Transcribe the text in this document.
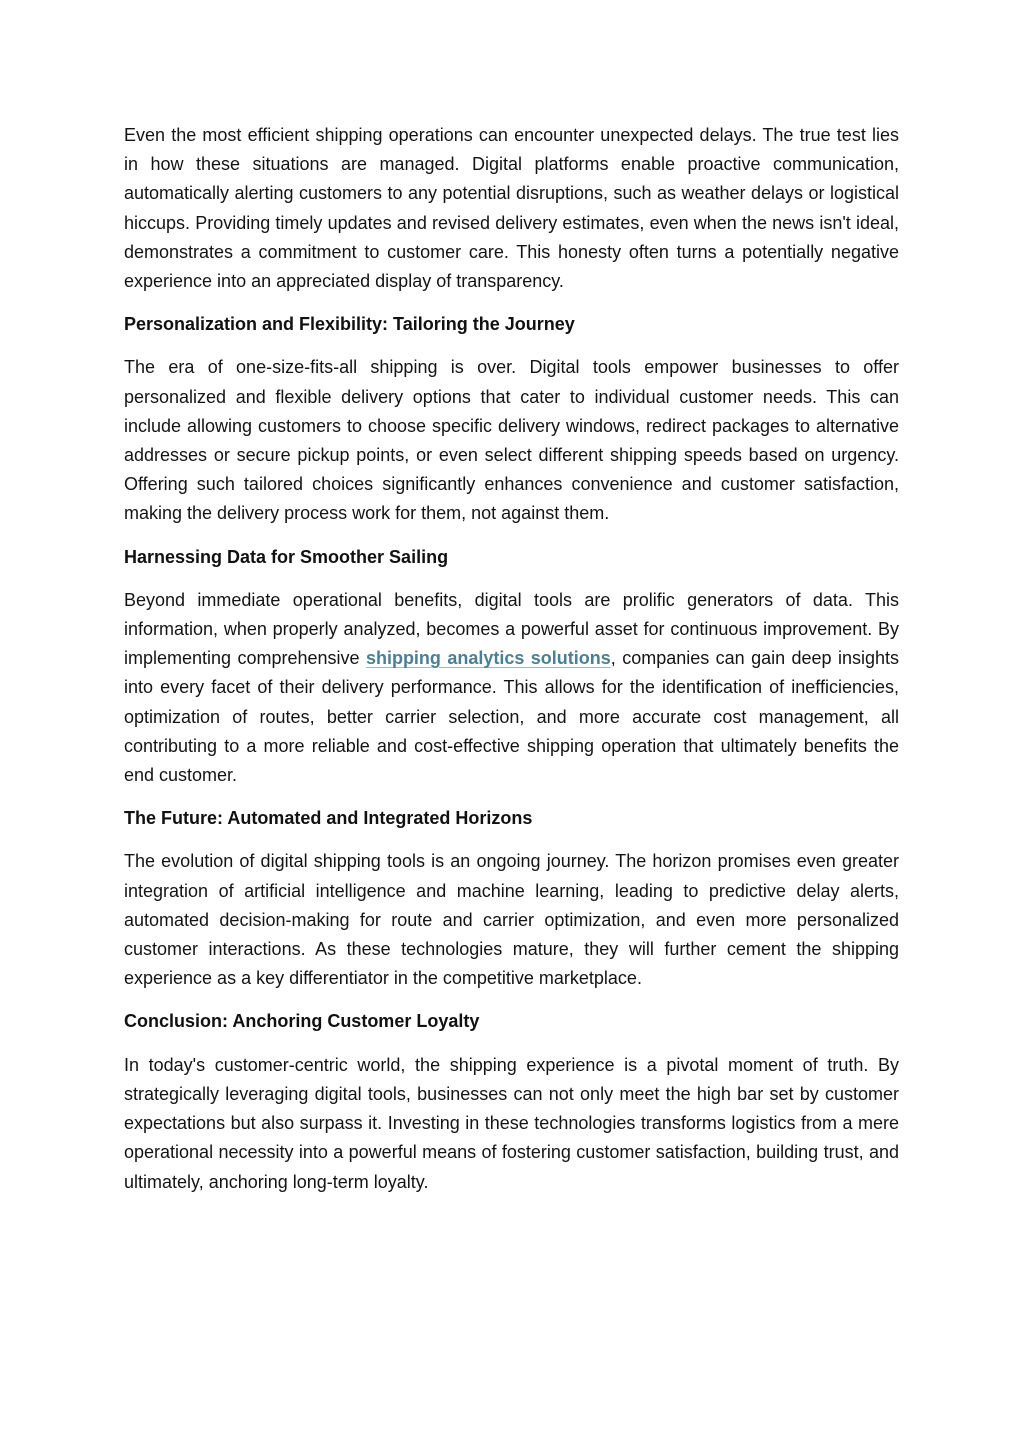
Even the most efficient shipping operations can encounter unexpected delays. The true test lies in how these situations are managed. Digital platforms enable proactive communication, automatically alerting customers to any potential disruptions, such as weather delays or logistical hiccups. Providing timely updates and revised delivery estimates, even when the news isn't ideal, demonstrates a commitment to customer care. This honesty often turns a potentially negative experience into an appreciated display of transparency.

Personalization and Flexibility: Tailoring the Journey

The era of one-size-fits-all shipping is over. Digital tools empower businesses to offer personalized and flexible delivery options that cater to individual customer needs. This can include allowing customers to choose specific delivery windows, redirect packages to alternative addresses or secure pickup points, or even select different shipping speeds based on urgency. Offering such tailored choices significantly enhances convenience and customer satisfaction, making the delivery process work for them, not against them.

Harnessing Data for Smoother Sailing

Beyond immediate operational benefits, digital tools are prolific generators of data. This information, when properly analyzed, becomes a powerful asset for continuous improvement. By implementing comprehensive shipping analytics solutions, companies can gain deep insights into every facet of their delivery performance. This allows for the identification of inefficiencies, optimization of routes, better carrier selection, and more accurate cost management, all contributing to a more reliable and cost-effective shipping operation that ultimately benefits the end customer.

The Future: Automated and Integrated Horizons

The evolution of digital shipping tools is an ongoing journey. The horizon promises even greater integration of artificial intelligence and machine learning, leading to predictive delay alerts, automated decision-making for route and carrier optimization, and even more personalized customer interactions. As these technologies mature, they will further cement the shipping experience as a key differentiator in the competitive marketplace.

Conclusion: Anchoring Customer Loyalty

In today's customer-centric world, the shipping experience is a pivotal moment of truth. By strategically leveraging digital tools, businesses can not only meet the high bar set by customer expectations but also surpass it. Investing in these technologies transforms logistics from a mere operational necessity into a powerful means of fostering customer satisfaction, building trust, and ultimately, anchoring long-term loyalty.
